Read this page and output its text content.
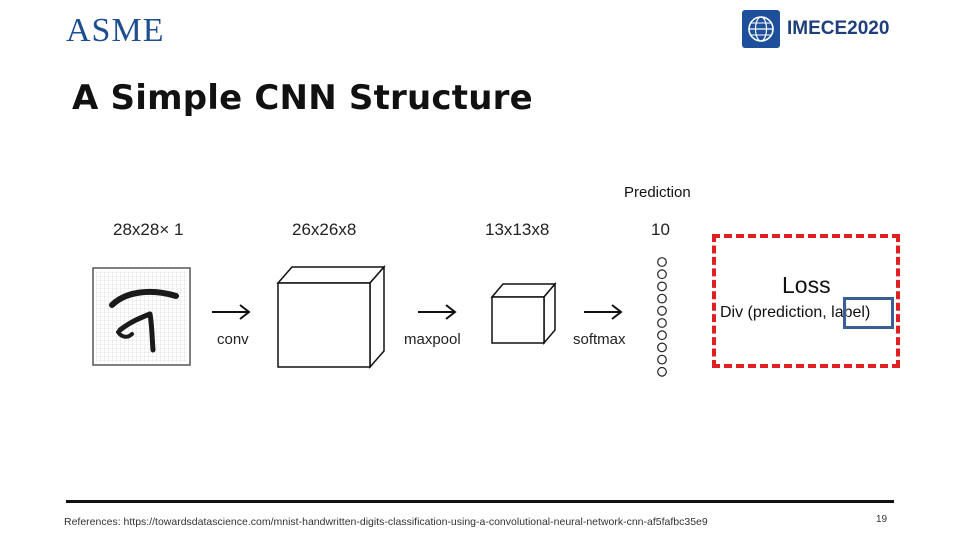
ASME	IMECE2020
A Simple CNN Structure
Prediction
28x28× 1	26x26x8	13x13x8	10
conv	maxpool	softmax
Loss
Div (prediction, label)
References: https://towardsdatascience.com/mnist-handwritten-digits-classification-using-a-convolutional-neural-network-cnn-af5fafbc35e9	19
